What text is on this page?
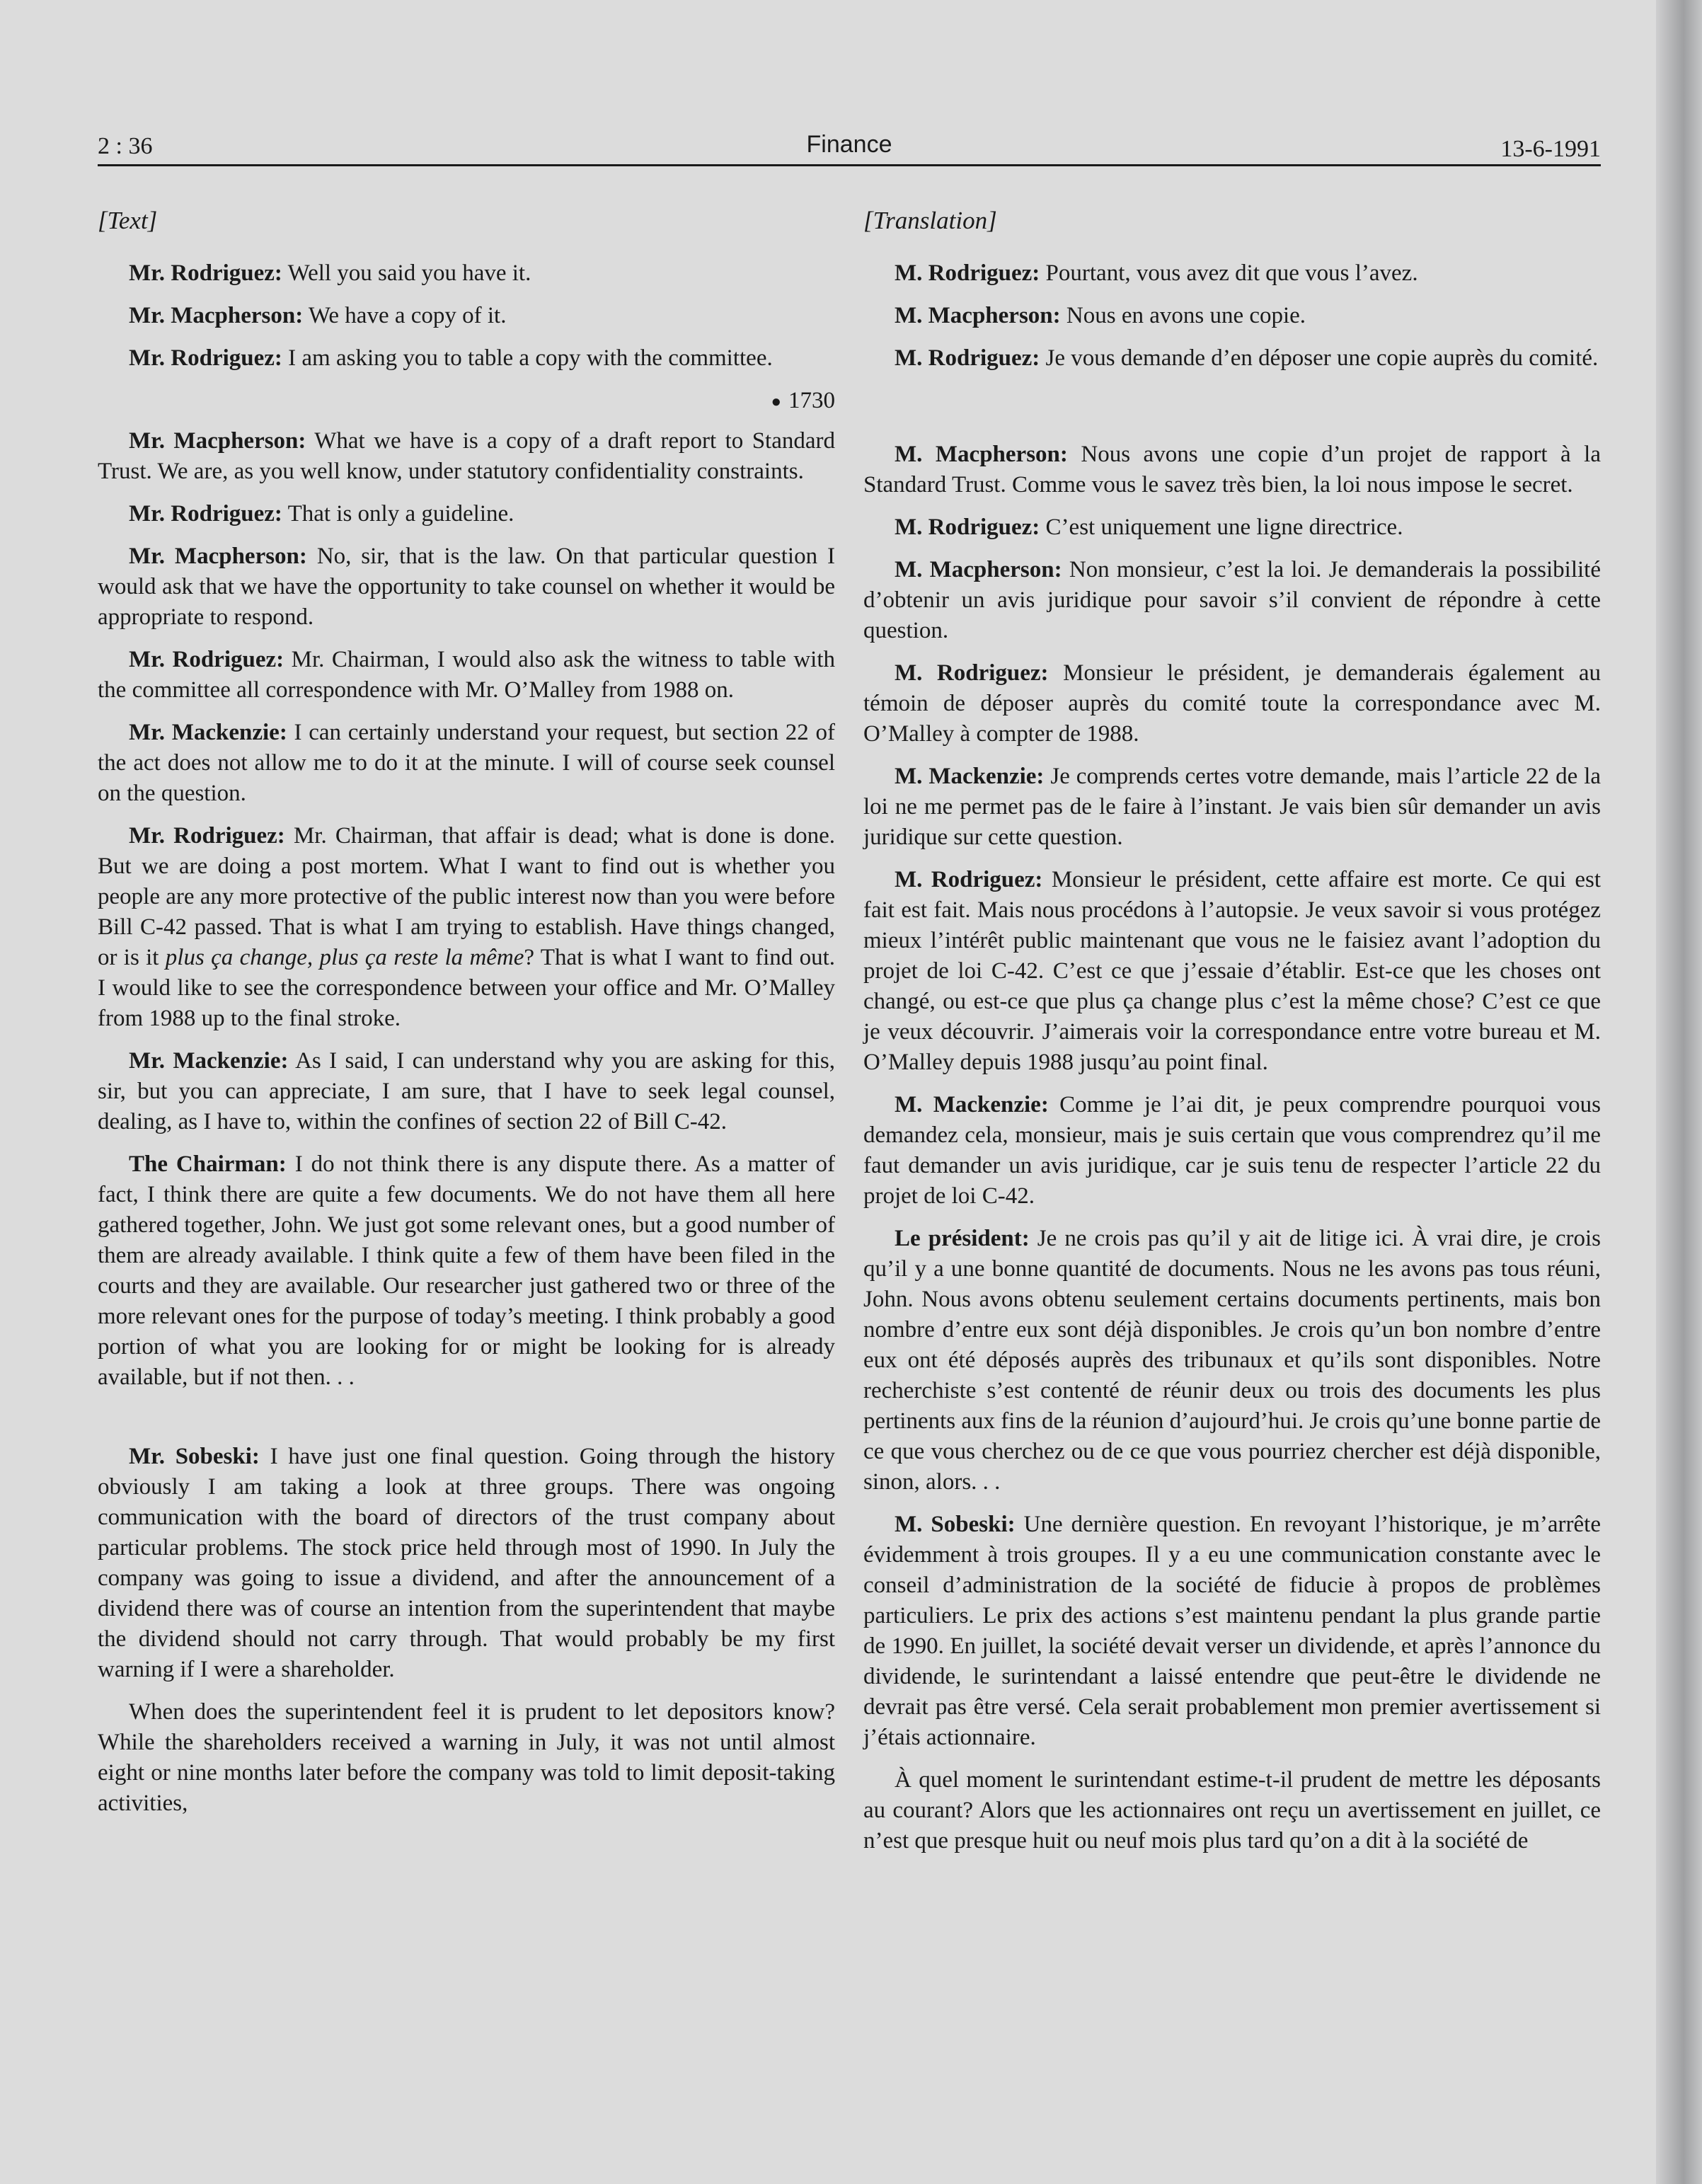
2 : 36	Finance	13-6-1991
[Text]

Mr. Rodriguez: Well you said you have it.

Mr. Macpherson: We have a copy of it.

Mr. Rodriguez: I am asking you to table a copy with the committee.

● 1730

Mr. Macpherson: What we have is a copy of a draft report to Standard Trust. We are, as you well know, under statutory confidentiality constraints.

Mr. Rodriguez: That is only a guideline.

Mr. Macpherson: No, sir, that is the law. On that particular question I would ask that we have the opportunity to take counsel on whether it would be appropriate to respond.

Mr. Rodriguez: Mr. Chairman, I would also ask the witness to table with the committee all correspondence with Mr. O’Malley from 1988 on.

Mr. Mackenzie: I can certainly understand your request, but section 22 of the act does not allow me to do it at the minute. I will of course seek counsel on the question.

Mr. Rodriguez: Mr. Chairman, that affair is dead; what is done is done. But we are doing a post mortem. What I want to find out is whether you people are any more protective of the public interest now than you were before Bill C-42 passed. That is what I am trying to establish. Have things changed, or is it plus ça change, plus ça reste la même? That is what I want to find out. I would like to see the correspondence between your office and Mr. O’Malley from 1988 up to the final stroke.

Mr. Mackenzie: As I said, I can understand why you are asking for this, sir, but you can appreciate, I am sure, that I have to seek legal counsel, dealing, as I have to, within the confines of section 22 of Bill C-42.

The Chairman: I do not think there is any dispute there. As a matter of fact, I think there are quite a few documents. We do not have them all here gathered together, John. We just got some relevant ones, but a good number of them are already available. I think quite a few of them have been filed in the courts and they are available. Our researcher just gathered two or three of the more relevant ones for the purpose of today’s meeting. I think probably a good portion of what you are looking for or might be looking for is already available, but if not then. . .

Mr. Sobeski: I have just one final question. Going through the history obviously I am taking a look at three groups. There was ongoing communication with the board of directors of the trust company about particular problems. The stock price held through most of 1990. In July the company was going to issue a dividend, and after the announcement of a dividend there was of course an intention from the superintendent that maybe the dividend should not carry through. That would probably be my first warning if I were a shareholder.

When does the superintendent feel it is prudent to let depositors know? While the shareholders received a warning in July, it was not until almost eight or nine months later before the company was told to limit deposit-taking activities,

[Translation]

M. Rodriguez: Pourtant, vous avez dit que vous l’avez.

M. Macpherson: Nous en avons une copie.

M. Rodriguez: Je vous demande d’en déposer une copie auprès du comité.

M. Macpherson: Nous avons une copie d’un projet de rapport à la Standard Trust. Comme vous le savez très bien, la loi nous impose le secret.

M. Rodriguez: C’est uniquement une ligne directrice.

M. Macpherson: Non monsieur, c’est la loi. Je demanderais la possibilité d’obtenir un avis juridique pour savoir s’il convient de répondre à cette question.

M. Rodriguez: Monsieur le président, je demanderais également au témoin de déposer auprès du comité toute la correspondance avec M. O’Malley à compter de 1988.

M. Mackenzie: Je comprends certes votre demande, mais l’article 22 de la loi ne me permet pas de le faire à l’instant. Je vais bien sûr demander un avis juridique sur cette question.

M. Rodriguez: Monsieur le président, cette affaire est morte. Ce qui est fait est fait. Mais nous procédons à l’autopsie. Je veux savoir si vous protégez mieux l’intérêt public maintenant que vous ne le faisiez avant l’adoption du projet de loi C-42. C’est ce que j’essaie d’établir. Est-ce que les choses ont changé, ou est-ce que plus ça change plus c’est la même chose? C’est ce que je veux découvrir. J’aimerais voir la correspondance entre votre bureau et M. O’Malley depuis 1988 jusqu’au point final.

M. Mackenzie: Comme je l’ai dit, je peux comprendre pourquoi vous demandez cela, monsieur, mais je suis certain que vous comprendrez qu’il me faut demander un avis juridique, car je suis tenu de respecter l’article 22 du projet de loi C-42.

Le président: Je ne crois pas qu’il y ait de litige ici. À vrai dire, je crois qu’il y a une bonne quantité de documents. Nous ne les avons pas tous réuni, John. Nous avons obtenu seulement certains documents pertinents, mais bon nombre d’entre eux sont déjà disponibles. Je crois qu’un bon nombre d’entre eux ont été déposés auprès des tribunaux et qu’ils sont disponibles. Notre recherchiste s’est contenté de réunir deux ou trois des documents les plus pertinents aux fins de la réunion d’aujourd’hui. Je crois qu’une bonne partie de ce que vous cherchez ou de ce que vous pourriez chercher est déjà disponible, sinon, alors. . .

M. Sobeski: Une dernière question. En revoyant l’historique, je m’arrête évidemment à trois groupes. Il y a eu une communication constante avec le conseil d’administration de la société de fiducie à propos de problèmes particuliers. Le prix des actions s’est maintenu pendant la plus grande partie de 1990. En juillet, la société devait verser un dividende, et après l’annonce du dividende, le surintendant a laissé entendre que peut-être le dividende ne devrait pas être versé. Cela serait probablement mon premier avertissement si j’étais actionnaire.

À quel moment le surintendant estime-t-il prudent de mettre les déposants au courant? Alors que les actionnaires ont reçu un avertissement en juillet, ce n’est que presque huit ou neuf mois plus tard qu’on a dit à la société de
